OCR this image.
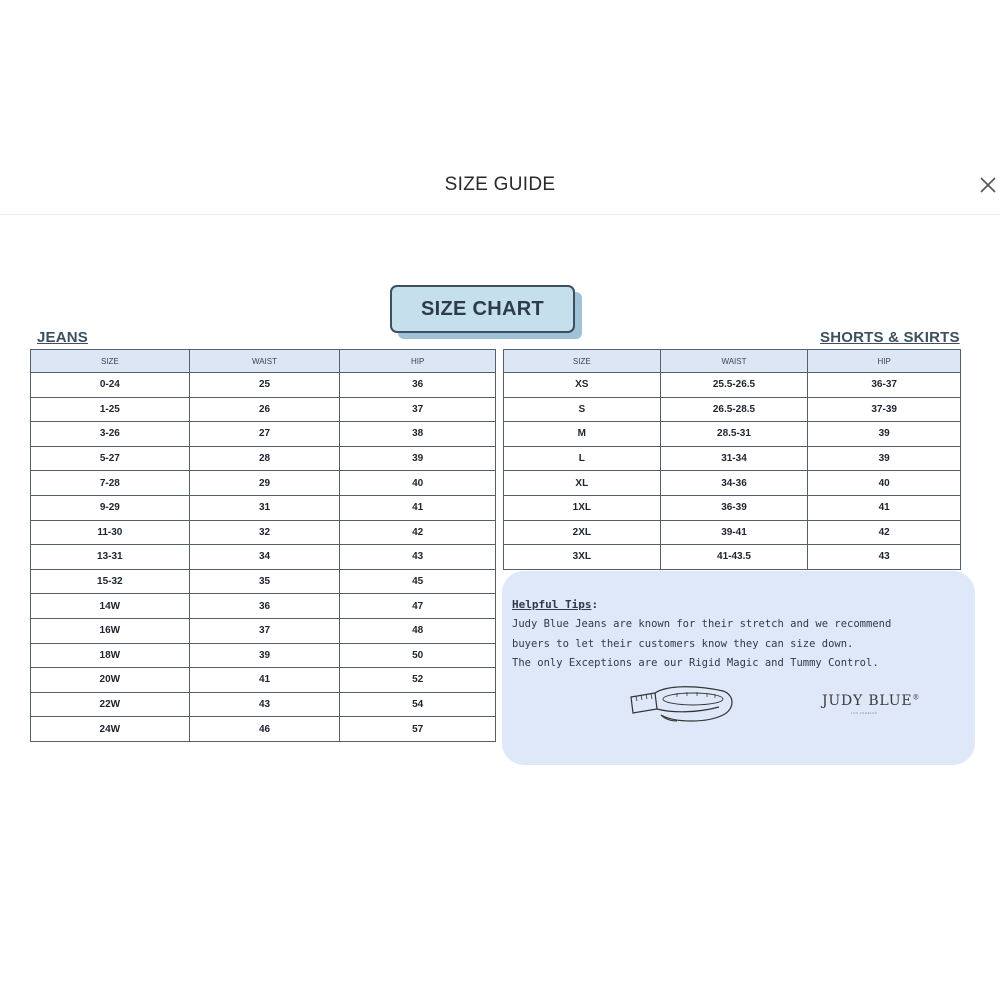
SIZE GUIDE
SIZE CHART
JEANS	SHORTS & SKIRTS
SIZE	WAIST	HIP
0-24	25	36
1-25	26	37
3-26	27	38
5-27	28	39
7-28	29	40
9-29	31	41
11-30	32	42
13-31	34	43
15-32	35	45
14W	36	47
16W	37	48
18W	39	50
20W	41	52
22W	43	54
24W	46	57
SIZE	WAIST	HIP
XS	25.5-26.5	36-37
S	26.5-28.5	37-39
M	28.5-31	39
L	31-34	39
XL	34-36	40
1XL	36-39	41
2XL	39-41	42
3XL	41-43.5	43
Helpful Tips:
Judy Blue Jeans are known for their stretch and we recommend
buyers to let their customers know they can size down.
The only Exceptions are our Rigid Magic and Tummy Control.
JUDY BLUE®
LOS ANGELES
